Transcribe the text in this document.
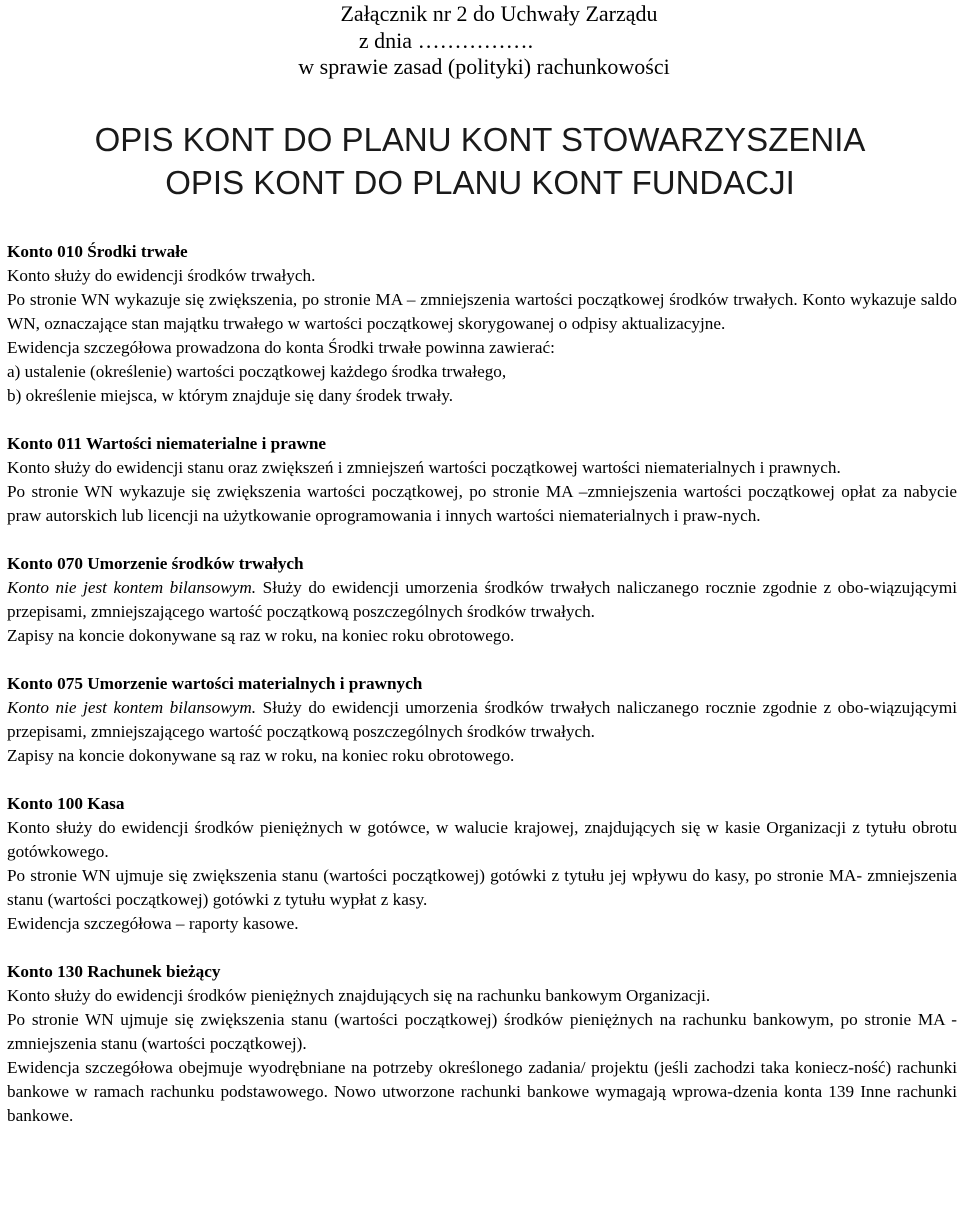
Załącznik nr 2 do Uchwały Zarządu
z dnia …………….
w sprawie zasad (polityki) rachunkowości
OPIS KONT DO PLANU KONT STOWARZYSZENIA
OPIS KONT DO PLANU KONT FUNDACJI

Konto 010 Środki trwałe

Konto służy do ewidencji środków trwałych.

Po stronie WN wykazuje się zwiększenia, po stronie MA – zmniejszenia wartości początkowej środków trwałych. Konto wykazuje saldo WN, oznaczające stan majątku trwałego w wartości początkowej skorygowanej o odpisy aktualizacyjne.

Ewidencja szczegółowa prowadzona do konta Środki trwałe powinna zawierać:

a) ustalenie (określenie) wartości początkowej każdego środka trwałego,

b) określenie miejsca, w którym znajduje się dany środek trwały.

Konto 011 Wartości niematerialne i prawne

Konto służy do ewidencji stanu oraz zwiększeń i zmniejszeń wartości początkowej wartości niematerialnych i prawnych.

Po stronie WN wykazuje się zwiększenia wartości początkowej, po stronie MA –zmniejszenia wartości początkowej opłat za nabycie praw autorskich lub licencji na użytkowanie oprogramowania i innych wartości niematerialnych i praw-nych.

Konto 070 Umorzenie środków trwałych

Konto nie jest kontem bilansowym. Służy do ewidencji umorzenia środków trwałych naliczanego rocznie zgodnie z obo-wiązującymi przepisami, zmniejszającego wartość początkową poszczególnych środków trwałych.

Zapisy na koncie dokonywane są raz w roku, na koniec roku obrotowego.

Konto 075 Umorzenie wartości materialnych i prawnych

Konto nie jest kontem bilansowym. Służy do ewidencji umorzenia środków trwałych naliczanego rocznie zgodnie z obo-wiązującymi przepisami, zmniejszającego wartość początkową poszczególnych środków trwałych.

Zapisy na koncie dokonywane są raz w roku, na koniec roku obrotowego.

Konto 100 Kasa

Konto służy do ewidencji środków pieniężnych w gotówce, w walucie krajowej, znajdujących się w kasie Organizacji z tytułu obrotu gotówkowego.

Po stronie WN ujmuje się zwiększenia stanu (wartości początkowej) gotówki z tytułu jej wpływu do kasy, po stronie MA- zmniejszenia stanu (wartości początkowej) gotówki z tytułu wypłat z kasy.

Ewidencja szczegółowa – raporty kasowe.

Konto 130 Rachunek bieżący

Konto służy do ewidencji środków pieniężnych znajdujących się na rachunku bankowym Organizacji.

Po stronie WN ujmuje się zwiększenia stanu (wartości początkowej) środków pieniężnych na rachunku bankowym, po stronie MA - zmniejszenia stanu (wartości początkowej).

Ewidencja szczegółowa obejmuje wyodrębniane na potrzeby określonego zadania/ projektu (jeśli zachodzi taka koniecz-ność) rachunki bankowe w ramach rachunku podstawowego. Nowo utworzone rachunki bankowe wymagają wprowa-dzenia konta 139 Inne rachunki bankowe.
